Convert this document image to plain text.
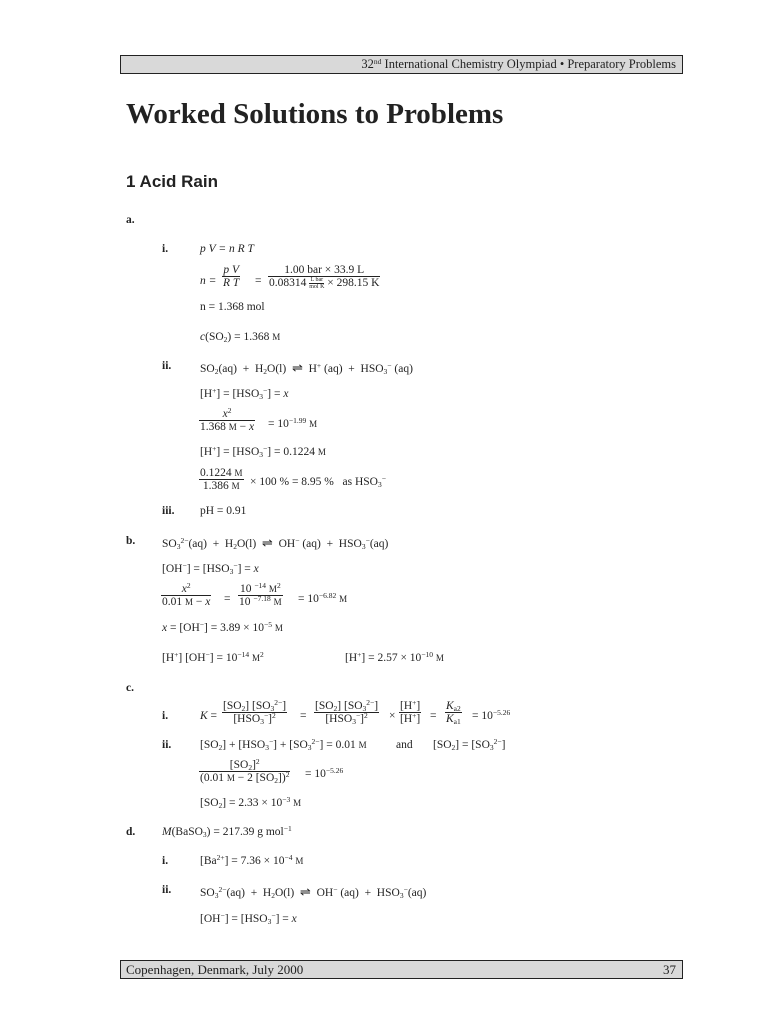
32nd International Chemistry Olympiad • Preparatory Problems
Worked Solutions to Problems
1 Acid Rain
a.
i.	p V = n R T
$n = \frac{\text{p V}}{\text{R T}}$ =
1.00 bar × 33.9 L
0.08314 L bar
mol K × 298.15 K
n = 1.368 mol
$c(SO_2) = 1.368$ M
ii. $SO_2(aq) + H_2O(l)$  ⇌  H+ $(aq) + HSO_3^-$ (aq)
$[H^+] = [HSO_3^-] = x$
$\frac{x^2}{1.368 M - x} = 10^{-1.99}$ M
$[H^+] = [HSO_3^-] = 0.1224$ M
$\frac{0.1224 M}{1.386 M} \times 100$ % = 8.95 %   as $HSO_3^-$
iii. pH = 0.91
b. $SO_3^{2-}(aq) + H_2O(l)$  ⇌  OH− $(aq) + HSO_3^-(aq)$
$[OH^-] = [HSO_3^-] = x$
$\frac{x^2}{0.01 M - x} = \frac{10 ^{-14} M^2}{10 ^{-7.18} M} = 10^{-6.82}$ M
$x = [OH^-] = 3.89 \times 10^{-5}$ M
[H+] $[OH^-] = 10^{-14}$ $M^2$	$[H^+] = 2.57 \times 10^{-10}$ M
c.
i.	K =
$[SO_2]$ $[SO_3^{2-}]$
$[HSO_3^-]^2$	=
$[SO_2]$ $[SO_3^{2-}]$
$[HSO_3^-]^2$	× $\frac{[H^+]}{[H^+]} = \frac{K_{a2}}{K_{a1}} = 10^{-5.26}$
ii. $[SO_2] + [HSO_3^-] + [SO_3^{2-}] = 0.01$ M	and $[SO_2] = [SO_3^{2-}]$
$\frac{[SO_2]^2}{(0.01 M - 2 [SO_2])^2} = 10^{-5.26}$
$[SO_2] = 2.33 \times 10^{-3}$ M
d. M(BaSO$_3$) = 217.39 g mol$^{-1}$
i.	$[Ba^{2+}] = 7.36 \times 10^{-4}$ M
ii. $SO_3^{2-}(aq) + H_2O(l)$  ⇌  OH− $(aq) + HSO_3^-(aq)$
$[OH^-] = [HSO_3^-] = x$
Copenhagen, Denmark, July 2000	37
